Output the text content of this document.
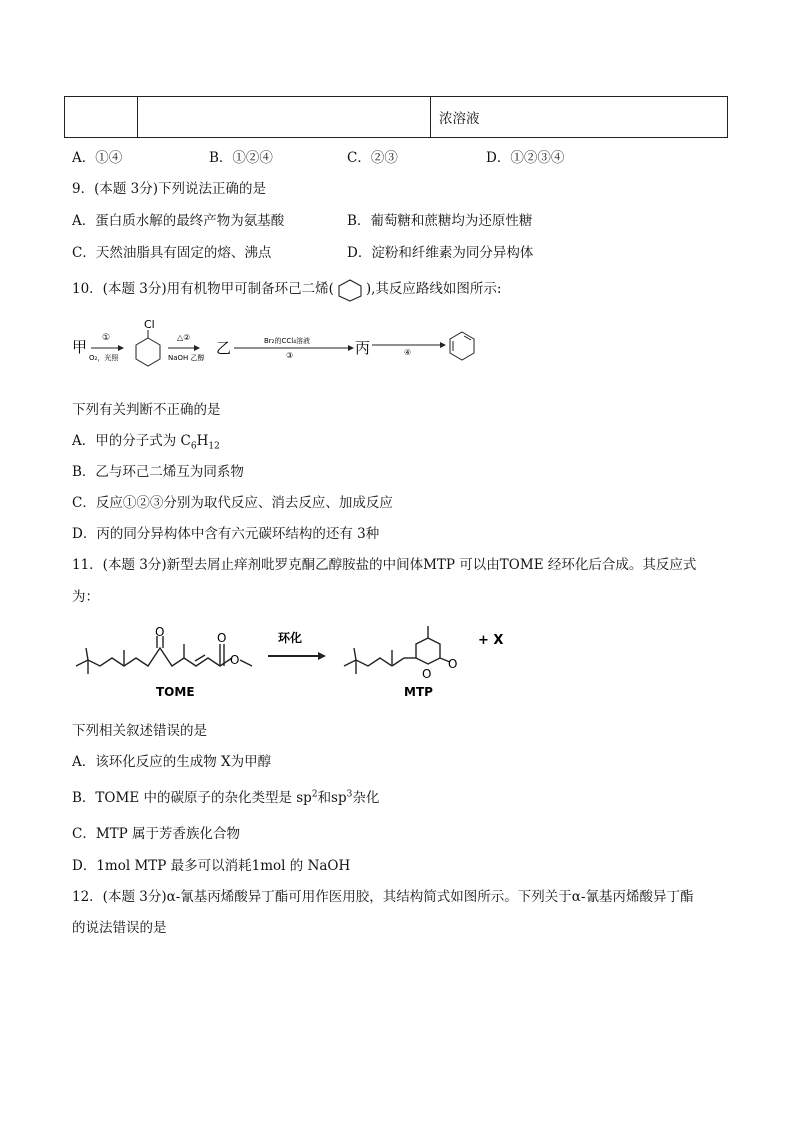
		浓溶液
A．①④	B．①②④	C．②③	D．①②③④
9．(本题 3分)下列说法正确的是
A．蛋白质水解的最终产物为氨基酸	B．葡萄糖和蔗糖均为还原性糖
C．天然油脂具有固定的熔、沸点	D．淀粉和纤维素为同分异构体
10．(本题 3分)用有机物甲可制备环己二烯( ),其反应路线如图所示:
甲 ①
O₂，光照
Cl
△②
NaOH 乙醇
乙	Br₂的CCl₄溶液
③	丙	④
下列有关判断不正确的是
A．甲的分子式为 $C_6H_{12}$
B．乙与环己二烯互为同系物
C．反应①②③分别为取代反应、消去反应、加成反应
D．丙的同分异构体中含有六元碳环结构的还有 3种
11．(本题 3分)新型去屑止痒剂吡罗克酮乙醇胺盐的中间体MTP 可以由TOME 经环化后合成。其反应式
为：
O	O
O
TOME
环化
O
O
MTP
+ X
下列相关叙述错误的是
A．该环化反应的生成物 X为甲醇
B．TOME 中的碳原子的杂化类型是 $sp^2$和$sp^3$杂化
C．MTP 属于芳香族化合物
D．1mol MTP 最多可以消耗1mol 的 NaOH
12．(本题 3分)α-氰基丙烯酸异丁酯可用作医用胶，其结构简式如图所示。下列关于α-氰基丙烯酸异丁酯
的说法错误的是
